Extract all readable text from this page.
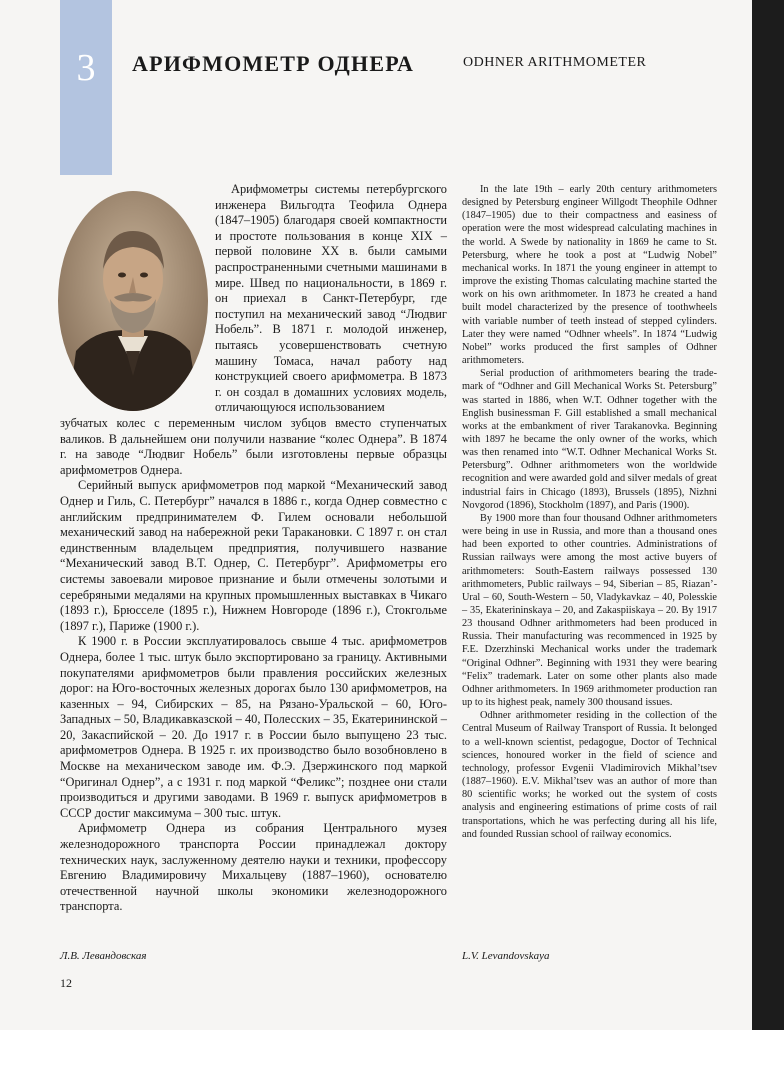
3	АРИФМОМЕТР ОДНЕРА	ODHNER ARITHMOMETER
Арифмометры системы петербургского инженера Вильгодта Теофила Однера (1847–1905) благодаря своей компактности и простоте пользования в конце XIX – первой половине XX в. были самыми распространенными счетными машинами в мире. Швед по национальности, в 1869 г. он приехал в Санкт-Петербург, где поступил на механический завод “Людвиг Нобель”. В 1871 г. молодой инженер, пытаясь усовершенствовать счетную машину Томаса, начал работу над конструкцией своего арифмометра. В 1873 г. он создал в домашних условиях модель, отличающуюся использованием

зубчатых колес с переменным числом зубцов вместо ступенчатых валиков. В дальнейшем они получили название “колес Однера”. В 1874 г. на заводе “Людвиг Нобель” были изготовлены первые образцы арифмометров Однера.

Серийный выпуск арифмометров под маркой “Механический завод Однер и Гиль, С. Петербург” начался в 1886 г., когда Однер совместно с английским предпринимателем Ф. Гилем основали небольшой механический завод на набережной реки Таракановки. С 1897 г. он стал единственным владельцем предприятия, получившего название “Механический завод В.Т. Однер, С. Петербург”. Арифмометры его системы завоевали мировое признание и были отмечены золотыми и серебряными медалями на крупных промышленных выставках в Чикаго (1893 г.), Брюсселе (1895 г.), Нижнем Новгороде (1896 г.), Стокгольме (1897 г.), Париже (1900 г.).

К 1900 г. в России эксплуатировалось свыше 4 тыс. арифмометров Однера, более 1 тыс. штук было экспортировано за границу. Активными покупателями арифмометров были правления российских железных дорог: на Юго-восточных железных дорогах было 130 арифмометров, на казенных – 94, Сибирских – 85, на Рязано-Уральской – 60, Юго-Западных – 50, Владикавказской – 40, Полесских – 35, Екатерининской – 20, Закаспийской – 20. До 1917 г. в России было выпущено 23 тыс. арифмометров Однера. В 1925 г. их производство было возобновлено в Москве на механическом заводе им. Ф.Э. Дзержинского под маркой “Оригинал Однер”, а с 1931 г. под маркой “Феликс”; позднее они стали производиться и другими заводами. В 1969 г. выпуск арифмометров в СССР достиг максимума – 300 тыс. штук.

Арифмометр Однера из собрания Центрального музея железнодорожного транспорта России принадлежал доктору технических наук, заслуженному деятелю науки и техники, профессору Евгению Владимировичу Михальцеву (1887–1960), основателю отечественной научной школы экономики железнодорожного транспорта.

In the late 19th – early 20th century arithmometers designed by Petersburg engineer Willgodt Theophile Odhner (1847–1905) due to their compactness and easiness of operation were the most widespread calculating machines in the world. A Swede by nationality in 1869 he came to St. Petersburg, where he took a post at “Ludwig Nobel” mechanical works. In 1871 the young engineer in attempt to improve the existing Thomas calculating machine started the work on his own arithmometer. In 1873 he created a hand built model characterized by the presence of toothwheels with variable number of teeth instead of stepped cylinders. Later they were named “Odhner wheels”. In 1874 “Ludwig Nobel” works produced the first samples of Odhner arithmometers.

Serial production of arithmometers bearing the trade-mark of “Odhner and Gill Mechanical Works St. Petersburg” was started in 1886, when W.T. Odhner together with the English businessman F. Gill established a small mechanical works at the embankment of river Tarakanovka. Beginning with 1897 he became the only owner of the works, which was then renamed into “W.T. Odhner Mechanical Works St. Petersburg”. Odhner arithmometers won the worldwide recognition and were awarded gold and silver medals of great industrial fairs in Chicago (1893), Brussels (1895), Nizhni Novgorod (1896), Stockholm (1897), and Paris (1900).

By 1900 more than four thousand Odhner arithmometers were being in use in Russia, and more than a thousand ones had been exported to other countries. Administrations of Russian railways were among the most active buyers of arithmometers: South-Eastern railways possessed 130 arithmometers, Public railways – 94, Siberian – 85, Riazan’-Ural – 60, South-Western – 50, Vladykavkaz – 40, Polesskie – 35, Ekaterininskaya – 20, and Zakaspiiskaya – 20. By 1917 23 thousand Odhner arithmometers had been produced in Russia. Their manufacturing was recommenced in 1925 by F.E. Dzerzhinski Mechanical works under the trademark “Original Odhner”. Beginning with 1931 they were bearing “Felix” trademark. Later on some other plants also made Odhner arithmometers. In 1969 arithmometer production ran up to its highest peak, namely 300 thousand issues.

Odhner arithmometer residing in the collection of the Central Museum of Railway Transport of Russia. It belonged to a well-known scientist, pedagogue, Doctor of Technical sciences, honoured worker in the field of science and technology, professor Evgenii Vladimirovich Mikhal’tsev (1887–1960). E.V. Mikhal’tsev was an author of more than 80 scientific works; he worked out the system of costs analysis and engineering estimations of prime costs of rail transportations, which he was perfecting during all his life, and founded Russian school of railway economics.

Л.В. Левандовская	L.V. Levandovskaya
12
